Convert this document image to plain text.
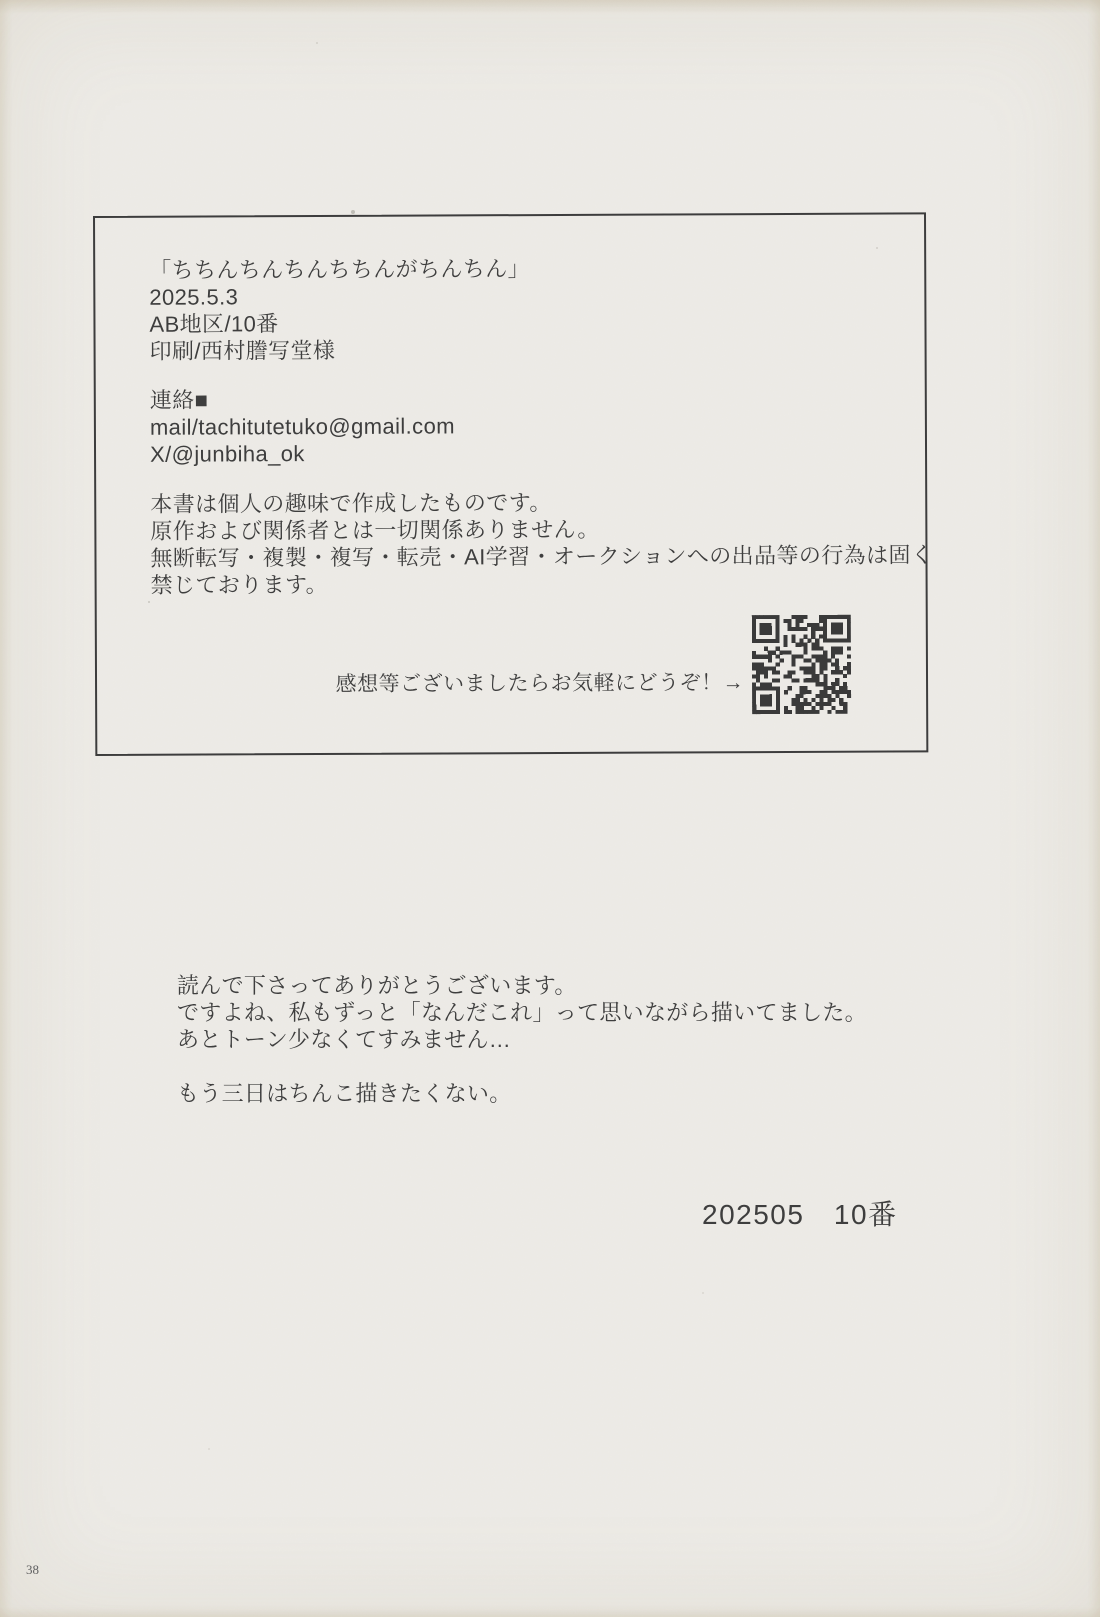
「ちちんちんちんちちんがちんちん」
2025.5.3
AB地区/10番
印刷/西村謄写堂様
連絡■
mail/tachitutetuko@gmail.com
X/@junbiha_ok
本書は個人の趣味で作成したものです。
原作および関係者とは一切関係ありません。
無断転写・複製・複写・転売・AI学習・オークションへの出品等の行為は固く
禁じております。
感想等ございましたらお気軽にどうぞ！→
読んで下さってありがとうございます。
ですよね、私もずっと「なんだこれ」って思いながら描いてました。
あとトーン少なくてすみません…
もう三日はちんこ描きたくない。
202505　10番
38
